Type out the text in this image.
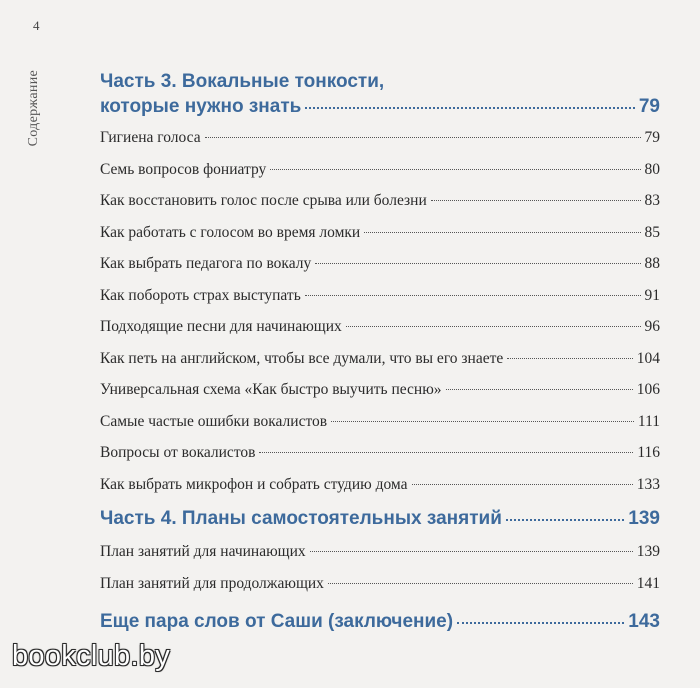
4
Содержание	Часть 3. Вокальные тонкости,
которые нужно знать	79
Гигиена голоса	79
Семь вопросов фониатру	80
Как восстановить голос после срыва или болезни	83
Как работать с голосом во время ломки	85
Как выбрать педагога по вокалу	88
Как побороть страх выступать	91
Подходящие песни для начинающих	96
Как петь на английском, чтобы все думали, что вы его знаете	104
Универсальная схема «Как быстро выучить песню»	106
Самые частые ошибки вокалистов	111
Вопросы от вокалистов	116
Как выбрать микрофон и собрать студию дома	133
Часть 4. Планы самостоятельных занятий	139
План занятий для начинающих	139
План занятий для продолжающих	141
Еще пара слов от Саши (заключение)	143
bookclub.by
